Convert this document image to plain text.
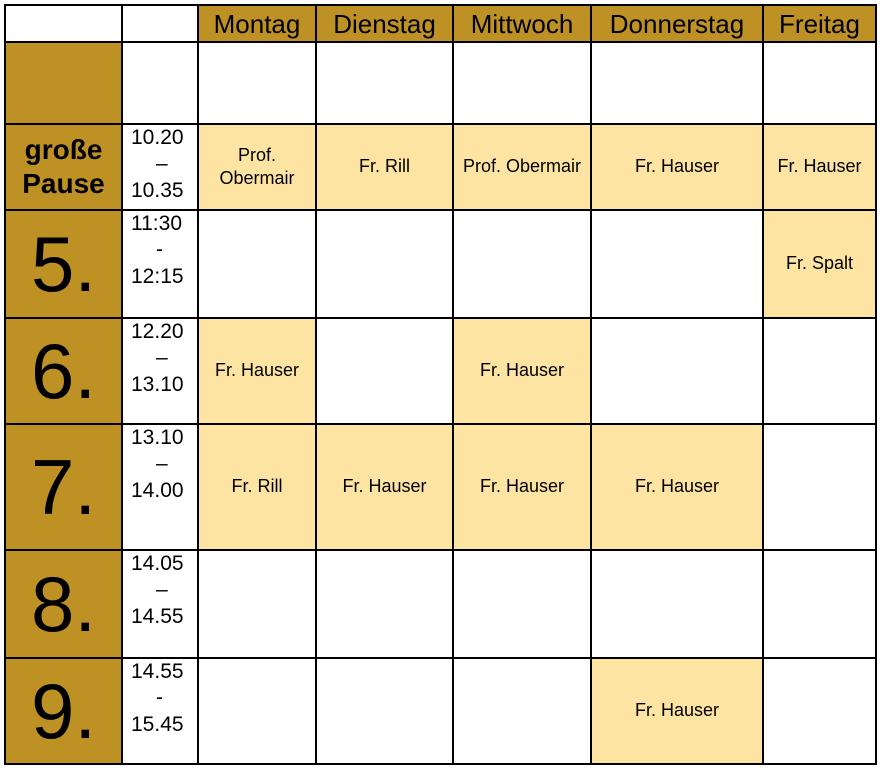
		Montag	Dienstag	Mittwoch	Donnerstag	Freitag

große Pause	10.20
–
10.35	Prof. Obermair	Fr. Rill	Prof. Obermair	Fr. Hauser	Fr. Hauser

5.	11:30
-
12:15					Fr. Spalt

6.	12.20
–
13.10	Fr. Hauser		Fr. Hauser		

7.	13.10
–
14.00	Fr. Rill	Fr. Hauser	Fr. Hauser	Fr. Hauser	

8.	14.05
–
14.55					

9.	14.55
-
15.45				Fr. Hauser	
